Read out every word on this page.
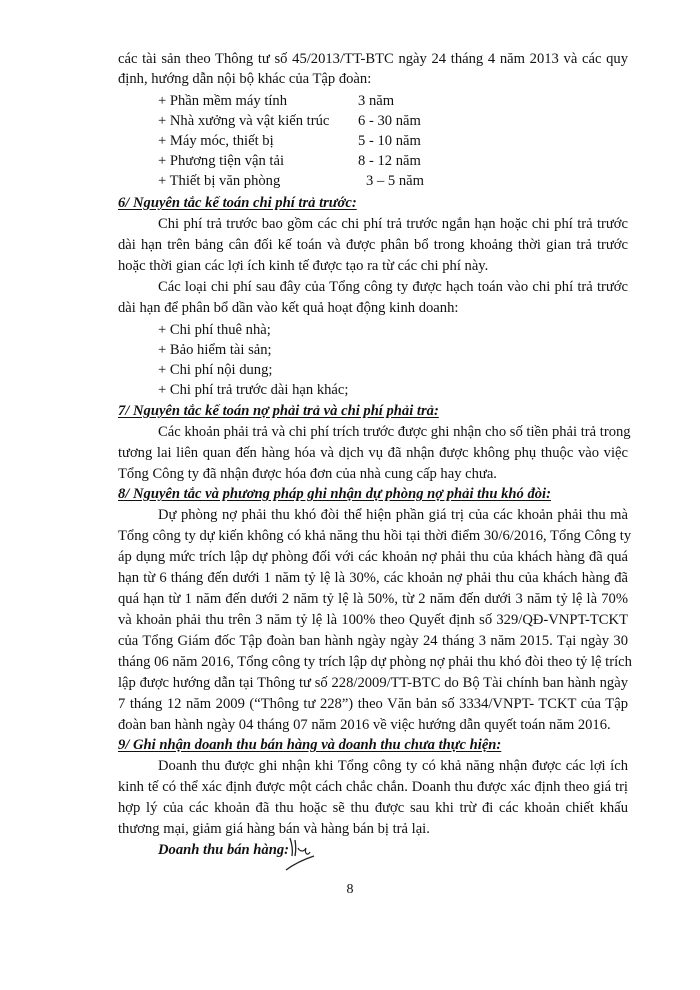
các tài sản theo Thông tư số 45/2013/TT-BTC ngày 24 tháng 4 năm 2013 và các quy
định, hướng dẫn nội bộ khác của Tập đoàn:
+ Phần mềm máy tính	3 năm
+ Nhà xưởng và vật kiến trúc 6 - 30 năm
+ Máy móc, thiết bị	5 - 10 năm
+ Phương tiện vận tải	8 - 12 năm
+ Thiết bị văn phòng	3 – 5 năm
6/ Nguyên tắc kế toán chi phí trả trước:
Chi phí trả trước bao gồm các chi phí trả trước ngắn hạn hoặc chi phí trả trước
dài hạn trên bảng cân đối kế toán và được phân bổ trong khoảng thời gian trả trước
hoặc thời gian các lợi ích kinh tế được tạo ra từ các chi phí này.
Các loại chi phí sau đây của Tổng công ty được hạch toán vào chi phí trả trước
dài hạn để phân bổ dần vào kết quả hoạt động kinh doanh:
+ Chi phí thuê nhà;
+ Bảo hiểm tài sản;
+ Chi phí nội dung;
+ Chi phí trả trước dài hạn khác;
7/ Nguyên tắc kế toán nợ phải trả và chi phí phải trả:
Các khoản phải trả và chi phí trích trước được ghi nhận cho số tiền phải trả trong
tương lai liên quan đến hàng hóa và dịch vụ đã nhận được không phụ thuộc vào việc
Tổng Công ty đã nhận được hóa đơn của nhà cung cấp hay chưa.
8/ Nguyên tắc và phương pháp ghi nhận dự phòng nợ phải thu khó đòi:
Dự phòng nợ phải thu khó đòi thể hiện phần giá trị của các khoản phải thu mà
Tổng công ty dự kiến không có khả năng thu hồi tại thời điểm 30/6/2016, Tổng Công ty
áp dụng mức trích lập dự phòng đối với các khoản nợ phải thu của khách hàng đã quá
hạn từ 6 tháng đến dưới 1 năm tỷ lệ là 30%, các khoản nợ phải thu của khách hàng đã
quá hạn từ 1 năm đến dưới 2 năm tỷ lệ là 50%, từ 2 năm đến dưới 3 năm tỷ lệ là 70%
và khoản phải thu trên 3 năm tỷ lệ là 100% theo Quyết định số 329/QĐ-VNPT-TCKT
của Tổng Giám đốc Tập đoàn ban hành ngày ngày 24 tháng 3 năm 2015. Tại ngày 30
tháng 06 năm 2016, Tổng công ty trích lập dự phòng nợ phải thu khó đòi theo tỷ lệ trích
lập được hướng dẫn tại Thông tư số 228/2009/TT-BTC do Bộ Tài chính ban hành ngày
7 tháng 12 năm 2009 (“Thông tư 228”) theo Văn bản số 3334/VNPT- TCKT của Tập
đoàn ban hành ngày 04 tháng 07 năm 2016 về việc hướng dẫn quyết toán năm 2016.
9/ Ghi nhận doanh thu bán hàng và doanh thu chưa thực hiện:
Doanh thu được ghi nhận khi Tổng công ty có khả năng nhận được các lợi ích
kinh tế có thể xác định được một cách chắc chắn. Doanh thu được xác định theo giá trị
hợp lý của các khoản đã thu hoặc sẽ thu được sau khi trừ đi các khoản chiết khấu
thương mại, giảm giá hàng bán và hàng bán bị trả lại.
Doanh thu bán hàng:
8
